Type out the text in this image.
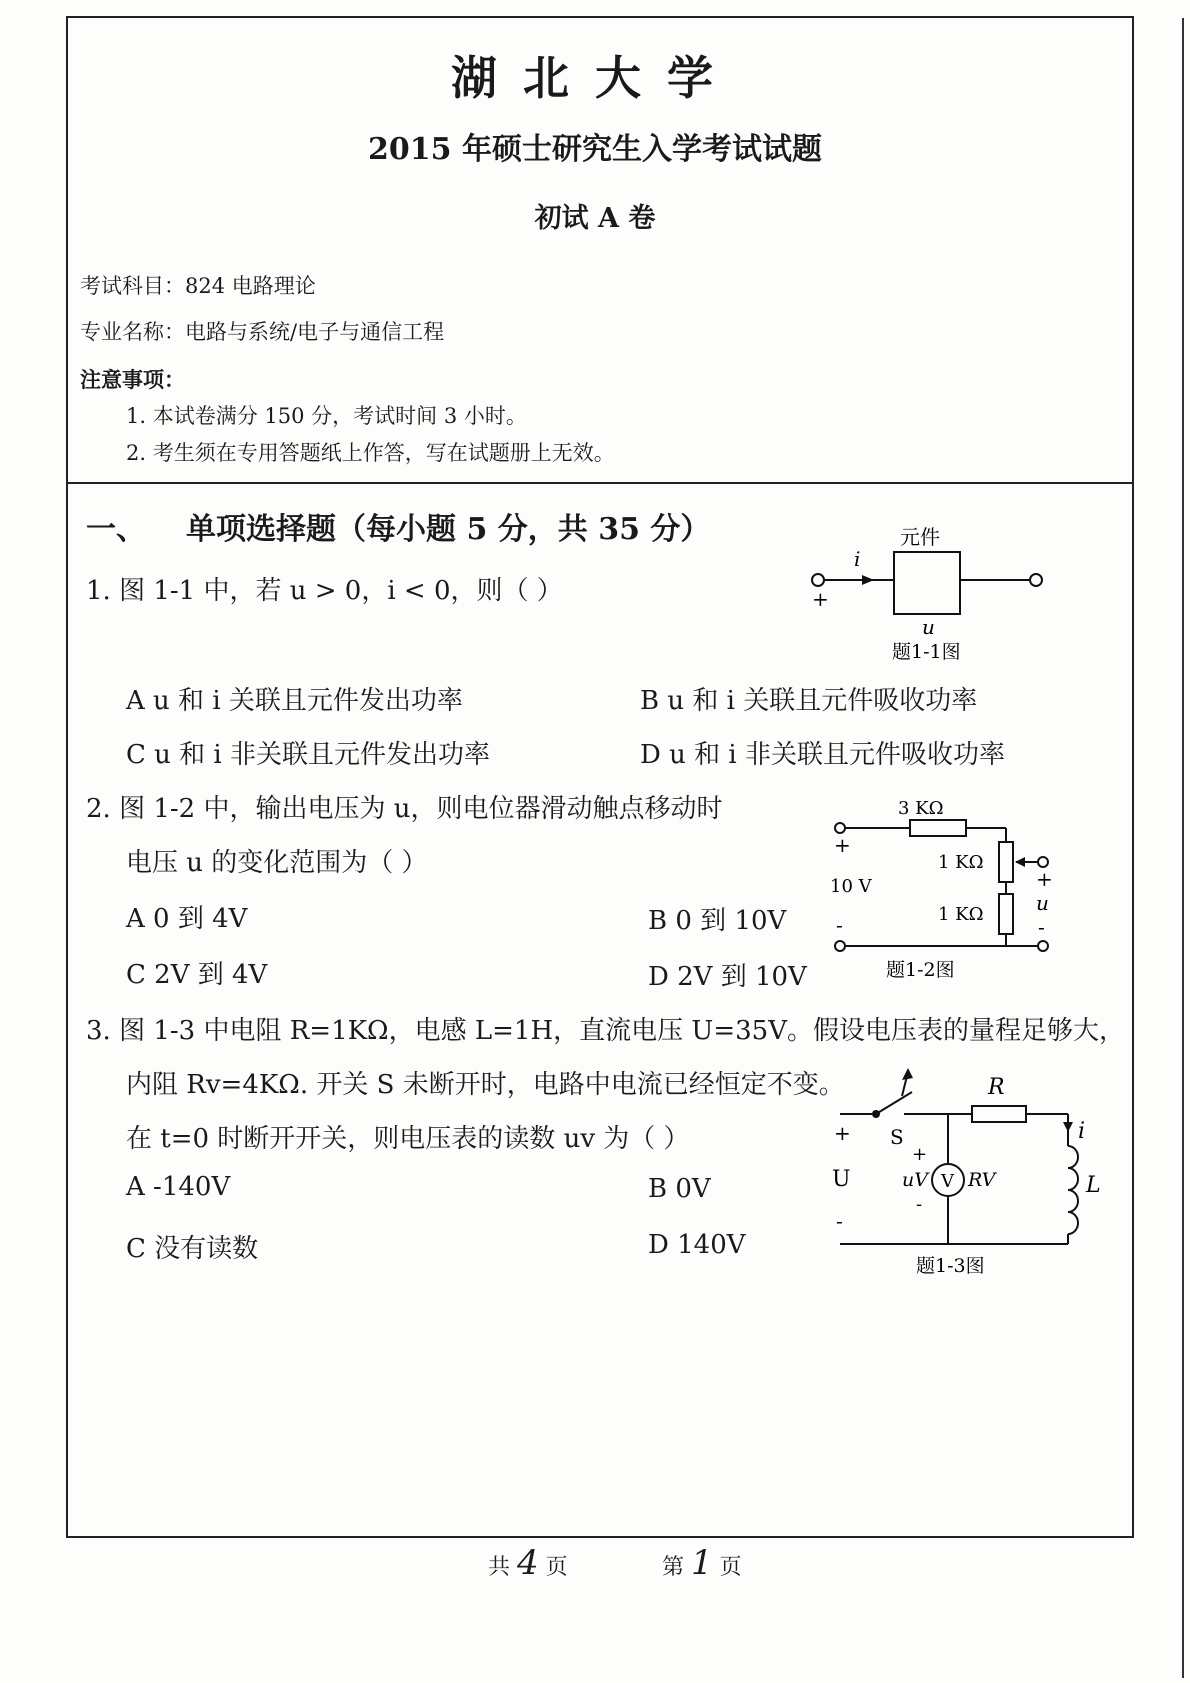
湖北大学
2015 年硕士研究生入学考试试题
初试 A 卷
考试科目：824 电路理论
专业名称：电路与系统/电子与通信工程
注意事项：
1. 本试卷满分 150 分，考试时间 3 小时。
2. 考生须在专用答题纸上作答，写在试题册上无效。
一、 单项选择题（每小题 5 分，共 35 分）
1. 图 1-1 中，若 u > 0，i < 0，则（ ）
A u 和 i 关联且元件发出功率	B u 和 i 关联且元件吸收功率
C u 和 i 非关联且元件发出功率	D u 和 i 非关联且元件吸收功率
元件
i
+
u
题1-1图
2. 图 1-2 中，输出电压为 u，则电位器滑动触点移动时
电压 u 的变化范围为（ ）
A 0 到 4V	B 0 到 10V
C 2V 到 4V	D 2V 到 10V
3 KΩ
1 KΩ
1 KΩ
+
10 V
-
+
u
-
题1-2图
3. 图 1-3 中电阻 R=1KΩ，电感 L=1H，直流电压 U=35V。假设电压表的量程足够大，
内阻 Rv=4KΩ. 开关 S 未断开时，电路中电流已经恒定不变。
在 t=0 时断开开关，则电压表的读数 uv 为（ ）
A -140V	B 0V
C 没有读数	D 140V
+ S
R
i
L
U
-
+
uV V RV
-
题1-3图
共 4 页	第 1 页
